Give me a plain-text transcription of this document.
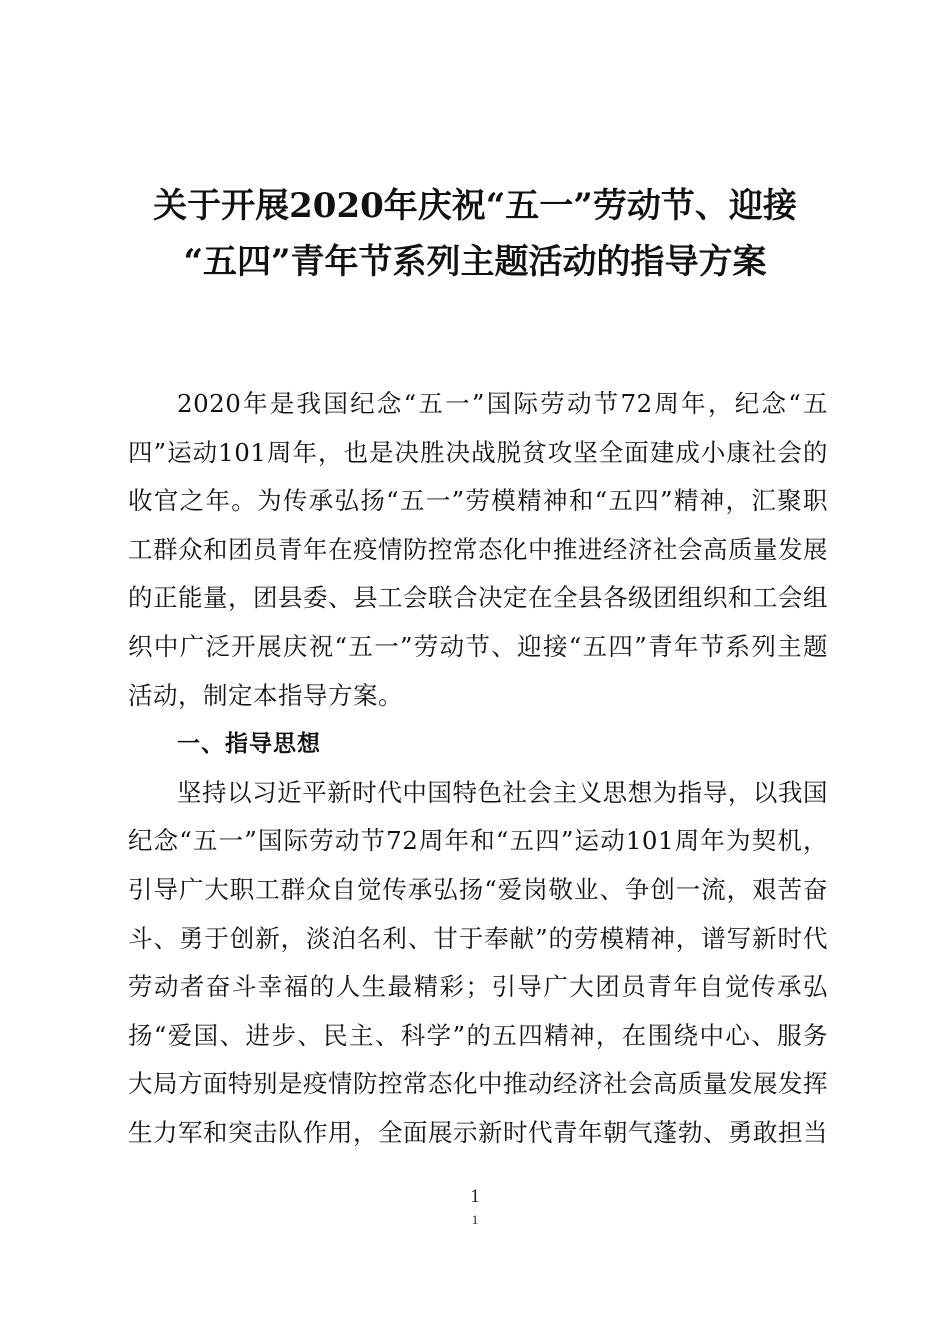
关于开展2020年庆祝“五一”劳动节、迎接
“五四”青年节系列主题活动的指导方案

2020年是我国纪念“五一”国际劳动节72周年，纪念“五四”运动101周年，也是决胜决战脱贫攻坚全面建成小康社会的收官之年。为传承弘扬“五一”劳模精神和“五四”精神，汇聚职工群众和团员青年在疫情防控常态化中推进经济社会高质量发展的正能量，团县委、县工会联合决定在全县各级团组织和工会组织中广泛开展庆祝“五一”劳动节、迎接“五四”青年节系列主题活动，制定本指导方案。

一、指导思想

坚持以习近平新时代中国特色社会主义思想为指导，以我国纪念“五一”国际劳动节72周年和“五四”运动101周年为契机，引导广大职工群众自觉传承弘扬“爱岗敬业、争创一流，艰苦奋斗、勇于创新，淡泊名利、甘于奉献”的劳模精神，谱写新时代劳动者奋斗幸福的人生最精彩；引导广大团员青年自觉传承弘扬“爱国、进步、民主、科学”的五四精神，在围绕中心、服务大局方面特别是疫情防控常态化中推动经济社会高质量发展发挥生力军和突击队作用，全面展示新时代青年朝气蓬勃、勇敢担当

1
1
